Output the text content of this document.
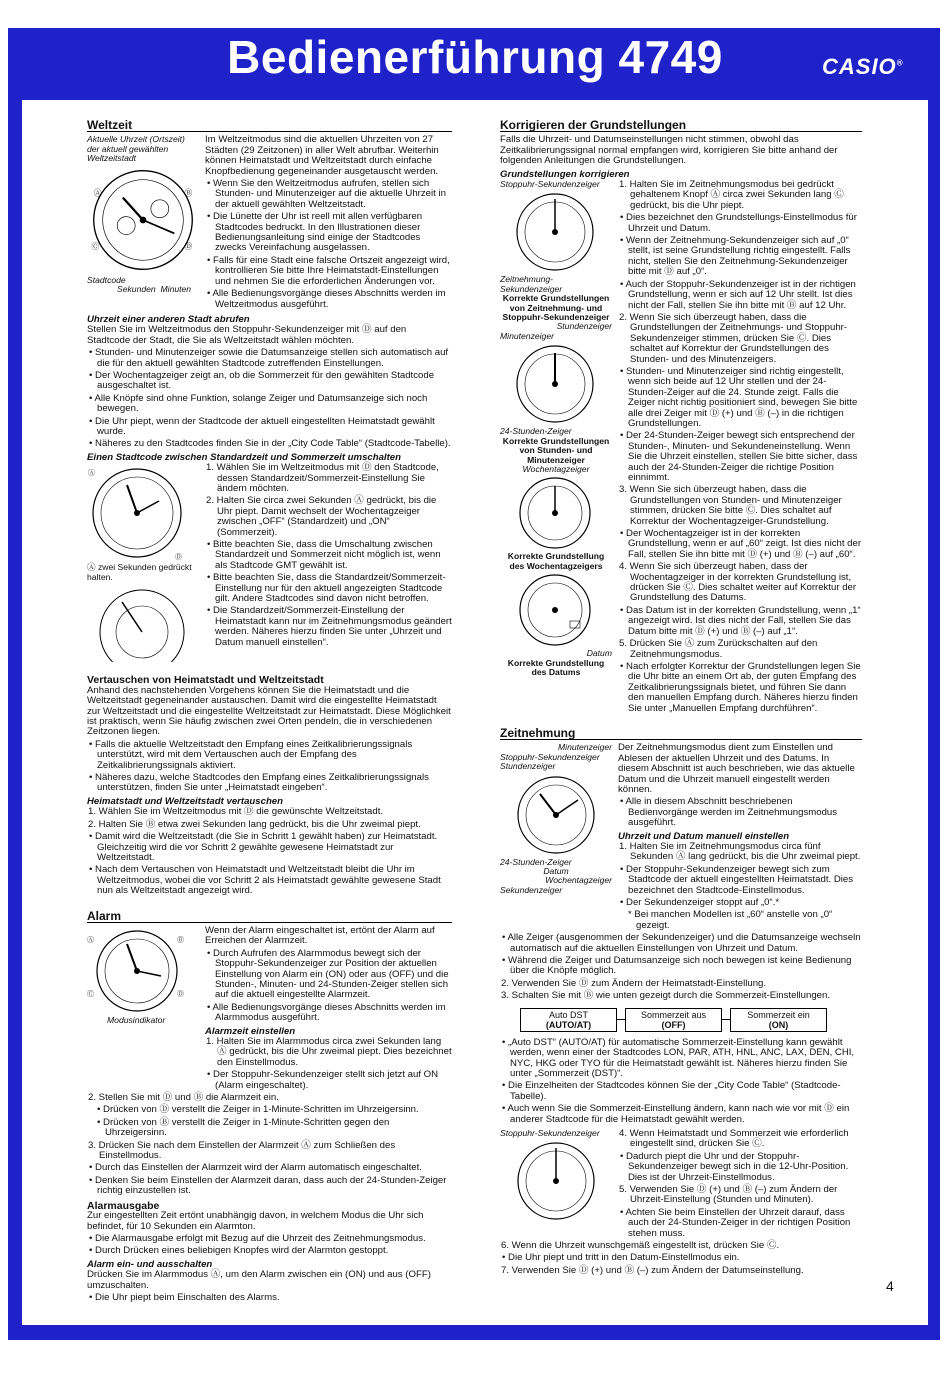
Bedienerführung 4749	CASIO®
Weltzeit
Aktuelle Uhrzeit (Ortszeit) der aktuell gewählten Weltzeitstadt
Ⓐ	Ⓑ
Ⓒ	Ⓓ
Stadtcode
Sekunden Minuten

Im Weltzeitmodus sind die aktuellen Uhrzeiten von 27 Städten (29 Zeitzonen) in aller Welt abrufbar. Weiterhin können Heimatstadt und Weltzeitstadt durch einfache Knopfbedienung gegeneinander ausgetauscht werden.

• Wenn Sie den Weltzeitmodus aufrufen, stellen sich Stunden- und Minutenzeiger auf die aktuelle Uhrzeit in der aktuell gewählten Weltzeitstadt.

• Die Lünette der Uhr ist reell mit allen verfügbaren Stadtcodes bedruckt. In den Illustrationen dieser Bedienungsanleitung sind einige der Stadtcodes zwecks Vereinfachung ausgelassen.

• Falls für eine Stadt eine falsche Ortszeit angezeigt wird, kontrollieren Sie bitte Ihre Heimatstadt-Einstellungen und nehmen Sie die erforderlichen Änderungen vor.

• Alle Bedienungsvorgänge dieses Abschnitts werden im Weltzeitmodus ausgeführt.

Uhrzeit einer anderen Stadt abrufen

Stellen Sie im Weltzeitmodus den Stoppuhr-Sekundenzeiger mit Ⓓ auf den Stadtcode der Stadt, die Sie als Weltzeitstadt wählen möchten.

• Stunden- und Minutenzeiger sowie die Datumsanzeige stellen sich automatisch auf die für den aktuell gewählten Stadtcode zutreffenden Einstellungen.

• Der Wochentagzeiger zeigt an, ob die Sommerzeit für den gewählten Stadtcode ausgeschaltet ist.

• Alle Knöpfe sind ohne Funktion, solange Zeiger und Datumsanzeige sich noch bewegen.

• Die Uhr piept, wenn der Stadtcode der aktuell eingestellten Heimatstadt gewählt wurde.

• Näheres zu den Stadtcodes finden Sie in der „City Code Table“ (Stadtcode-Tabelle).

Einen Stadtcode zwischen Standardzeit und Sommerzeit umschalten
Ⓐ
Ⓓ
Ⓐ zwei Sekunden gedrückt halten.

1. Wählen Sie im Weltzeitmodus mit Ⓓ den Stadtcode, dessen Standardzeit/Sommerzeit-Einstellung Sie ändern möchten.

2. Halten Sie circa zwei Sekunden Ⓐ gedrückt, bis die Uhr piept. Damit wechselt der Wochentagzeiger zwischen „OFF“ (Standardzeit) und „ON“ (Sommerzeit).

• Bitte beachten Sie, dass die Umschaltung zwischen Standardzeit und Sommerzeit nicht möglich ist, wenn als Stadtcode GMT gewählt ist.

• Bitte beachten Sie, dass die Standardzeit/Sommerzeit-Einstellung nur für den aktuell angezeigten Stadtcode gilt. Andere Stadtcodes sind davon nicht betroffen.

• Die Standardzeit/Sommerzeit-Einstellung der Heimatstadt kann nur im Zeitnehmungsmodus geändert werden. Näheres hierzu finden Sie unter „Uhrzeit und Datum manuell einstellen“.

Vertauschen von Heimatstadt und Weltzeitstadt

Anhand des nachstehenden Vorgehens können Sie die Heimatstadt und die Weltzeitstadt gegeneinander austauschen. Damit wird die eingestellte Heimatstadt zur Weltzeitstadt und die eingestellte Weltzeitstadt zur Heimatstadt. Diese Möglichkeit ist praktisch, wenn Sie häufig zwischen zwei Orten pendeln, die in verschiedenen Zeitzonen liegen.

• Falls die aktuelle Weltzeitstadt den Empfang eines Zeitkalibrierungssignals unterstützt, wird mit dem Vertauschen auch der Empfang des Zeitkalibrierungssignals aktiviert.

• Näheres dazu, welche Stadtcodes den Empfang eines Zeitkalibrierungssignals unterstützen, finden Sie unter „Heimatstadt eingeben“.

Heimatstadt und Weltzeitstadt vertauschen

1. Wählen Sie im Weltzeitmodus mit Ⓓ die gewünschte Weltzeitstadt.

2. Halten Sie Ⓑ etwa zwei Sekunden lang gedrückt, bis die Uhr zweimal piept.

• Damit wird die Weltzeitstadt (die Sie in Schritt 1 gewählt haben) zur Heimatstadt. Gleichzeitig wird die vor Schritt 2 gewählte gewesene Heimatstadt zur Weltzeitstadt.

• Nach dem Vertauschen von Heimatstadt und Weltzeitstadt bleibt die Uhr im Weltzeitmodus, wobei die vor Schritt 2 als Heimatstadt gewählte gewesene Stadt nun als Weltzeitstadt angezeigt wird.

Alarm
Ⓐ	Ⓑ
Ⓒ	Ⓓ
Modusindikator

Wenn der Alarm eingeschaltet ist, ertönt der Alarm auf Erreichen der Alarmzeit.

• Durch Aufrufen des Alarmmodus bewegt sich der Stoppuhr-Sekundenzeiger zur Position der aktuellen Einstellung von Alarm ein (ON) oder aus (OFF) und die Stunden-, Minuten- und 24-Stunden-Zeiger stellen sich auf die aktuell eingestellte Alarmzeit.

• Alle Bedienungsvorgänge dieses Abschnitts werden im Alarmmodus ausgeführt.

Alarmzeit einstellen

1. Halten Sie im Alarmmodus circa zwei Sekunden lang Ⓐ gedrückt, bis die Uhr zweimal piept. Dies bezeichnet den Einstellmodus.

• Der Stoppuhr-Sekundenzeiger stellt sich jetzt auf ON (Alarm eingeschaltet).

2. Stellen Sie mit Ⓓ und Ⓑ die Alarmzeit ein.

• Drücken von Ⓓ verstellt die Zeiger in 1-Minute-Schritten im Uhrzeigersinn.

• Drücken von Ⓑ verstellt die Zeiger in 1-Minute-Schritten gegen den Uhrzeigersinn.

3. Drücken Sie nach dem Einstellen der Alarmzeit Ⓐ zum Schließen des Einstellmodus.

• Durch das Einstellen der Alarmzeit wird der Alarm automatisch eingeschaltet.

• Denken Sie beim Einstellen der Alarmzeit daran, dass auch der 24-Stunden-Zeiger richtig einzustellen ist.

Alarmausgabe

Zur eingestellten Zeit ertönt unabhängig davon, in welchem Modus die Uhr sich befindet, für 10 Sekunden ein Alarmton.

• Die Alarmausgabe erfolgt mit Bezug auf die Uhrzeit des Zeitnehmungsmodus.

• Durch Drücken eines beliebigen Knopfes wird der Alarmton gestoppt.

Alarm ein- und ausschalten

Drücken Sie im Alarmmodus Ⓐ, um den Alarm zwischen ein (ON) und aus (OFF) umzuschalten.

• Die Uhr piept beim Einschalten des Alarms.

Korrigieren der Grundstellungen

Falls die Uhrzeit- und Datumseinstellungen nicht stimmen, obwohl das Zeitkalibrierungssignal normal empfangen wird, korrigieren Sie bitte anhand der folgenden Anleitungen die Grundstellungen.

Grundstellungen korrigieren
Stoppuhr-Sekundenzeiger
Zeitnehmung-Sekundenzeiger
Korrekte Grundstellungen von Zeitnehmung- und Stoppuhr-Sekundenzeiger
Stundenzeiger
Minutenzeiger
24-Stunden-Zeiger
Korrekte Grundstellungen von Stunden- und Minutenzeiger
Wochentagzeiger
Korrekte Grundstellung des Wochentagzeigers
Datum
Korrekte Grundstellung des Datums

1. Halten Sie im Zeitnehmungsmodus bei gedrückt gehaltenem Knopf Ⓐ circa zwei Sekunden lang Ⓒ gedrückt, bis die Uhr piept.

• Dies bezeichnet den Grundstellungs-Einstellmodus für Uhrzeit und Datum.

• Wenn der Zeitnehmung-Sekundenzeiger sich auf „0“ stellt, ist seine Grundstellung richtig eingestellt. Falls nicht, stellen Sie den Zeitnehmung-Sekundenzeiger bitte mit Ⓓ auf „0“.

• Auch der Stoppuhr-Sekundenzeiger ist in der richtigen Grundstellung, wenn er sich auf 12 Uhr stellt. Ist dies nicht der Fall, stellen Sie ihn bitte mit Ⓑ auf 12 Uhr.

2. Wenn Sie sich überzeugt haben, dass die Grundstellungen der Zeitnehmungs- und Stoppuhr-Sekundenzeiger stimmen, drücken Sie Ⓒ. Dies schaltet auf Korrektur der Grundstellungen des Stunden- und des Minutenzeigers.

• Stunden- und Minutenzeiger sind richtig eingestellt, wenn sich beide auf 12 Uhr stellen und der 24-Stunden-Zeiger auf die 24. Stunde zeigt. Falls die Zeiger nicht richtig positioniert sind, bewegen Sie bitte alle drei Zeiger mit Ⓓ (+) und Ⓑ (–) in die richtigen Grundstellungen.

• Der 24-Stunden-Zeiger bewegt sich entsprechend der Stunden-, Minuten- und Sekundeneinstellung. Wenn Sie die Uhrzeit einstellen, stellen Sie bitte sicher, dass auch der 24-Stunden-Zeiger die richtige Position einnimmt.

3. Wenn Sie sich überzeugt haben, dass die Grundstellungen von Stunden- und Minutenzeiger stimmen, drücken Sie bitte Ⓒ. Dies schaltet auf Korrektur der Wochentagzeiger-Grundstellung.

• Der Wochentagzeiger ist in der korrekten Grundstellung, wenn er auf „60“ zeigt. Ist dies nicht der Fall, stellen Sie ihn bitte mit Ⓓ (+) und Ⓑ (–) auf „60“.

4. Wenn Sie sich überzeugt haben, dass der Wochentagzeiger in der korrekten Grundstellung ist, drücken Sie Ⓒ. Dies schaltet weiter auf Korrektur der Grundstellung des Datums.

• Das Datum ist in der korrekten Grundstellung, wenn „1“ angezeigt wird. Ist dies nicht der Fall, stellen Sie das Datum bitte mit Ⓓ (+) und Ⓑ (–) auf „1“.

5. Drücken Sie Ⓐ zum Zurückschalten auf den Zeitnehmungsmodus.

• Nach erfolgter Korrektur der Grundstellungen legen Sie die Uhr bitte an einem Ort ab, der guten Empfang des Zeitkalibrierungssignals bietet, und führen Sie dann den manuellen Empfang durch. Näheres hierzu finden Sie unter „Manuellen Empfang durchführen“.

Zeitnehmung
Minutenzeiger
Stoppuhr-Sekundenzeiger
Stundenzeiger
24-Stunden-Zeiger
Datum
Wochentagzeiger
Sekundenzeiger

Der Zeitnehmungsmodus dient zum Einstellen und Ablesen der aktuellen Uhrzeit und des Datums. In diesem Abschnitt ist auch beschrieben, wie das aktuelle Datum und die Uhrzeit manuell eingestellt werden können.

• Alle in diesem Abschnitt beschriebenen Bedienvorgänge werden im Zeitnehmungsmodus ausgeführt.

Uhrzeit und Datum manuell einstellen

1. Halten Sie im Zeitnehmungsmodus circa fünf Sekunden Ⓐ lang gedrückt, bis die Uhr zweimal piept.

• Der Stoppuhr-Sekundenzeiger bewegt sich zum Stadtcode der aktuell eingestellten Heimatstadt. Dies bezeichnet den Stadtcode-Einstellmodus.

• Der Sekundenzeiger stoppt auf „0“.*

* Bei manchen Modellen ist „60“ anstelle von „0“ gezeigt.

• Alle Zeiger (ausgenommen der Sekundenzeiger) und die Datumsanzeige wechseln automatisch auf die aktuellen Einstellungen von Uhrzeit und Datum.

• Während die Zeiger und Datumsanzeige sich noch bewegen ist keine Bedienung über die Knöpfe möglich.

2. Verwenden Sie Ⓓ zum Ändern der Heimatstadt-Einstellung.

3. Schalten Sie mit Ⓑ wie unten gezeigt durch die Sommerzeit-Einstellungen.

Auto DST
(AUTO/AT)
Sommerzeit aus
(OFF)
Sommerzeit ein
(ON)

• „Auto DST“ (AUTO/AT) für automatische Sommerzeit-Einstellung kann gewählt werden, wenn einer der Stadtcodes LON, PAR, ATH, HNL, ANC, LAX, DEN, CHI, NYC, HKG oder TYO für die Heimatstadt gewählt ist. Näheres hierzu finden Sie unter „Sommerzeit (DST)“.

• Die Einzelheiten der Stadtcodes können Sie der „City Code Table“ (Stadtcode-Tabelle).

• Auch wenn Sie die Sommerzeit-Einstellung ändern, kann nach wie vor mit Ⓓ ein anderer Stadtcode für die Heimatstadt gewählt werden.

Stoppuhr-Sekundenzeiger	4. Wenn Heimatstadt und Sommerzeit wie erforderlich eingestellt sind, drücken Sie Ⓒ.

• Dadurch piept die Uhr und der Stoppuhr-Sekundenzeiger bewegt sich in die 12-Uhr-Position. Dies ist der Uhrzeit-Einstellmodus.

5. Verwenden Sie Ⓓ (+) und Ⓑ (–) zum Ändern der Uhrzeit-Einstellung (Stunden und Minuten).

• Achten Sie beim Einstellen der Uhrzeit darauf, dass auch der 24-Stunden-Zeiger in der richtigen Position stehen muss.

6. Wenn die Uhrzeit wunschgemäß eingestellt ist, drücken Sie Ⓒ.

• Die Uhr piept und tritt in den Datum-Einstellmodus ein.

7. Verwenden Sie Ⓓ (+) und Ⓑ (–) zum Ändern der Datumseinstellung.

4
